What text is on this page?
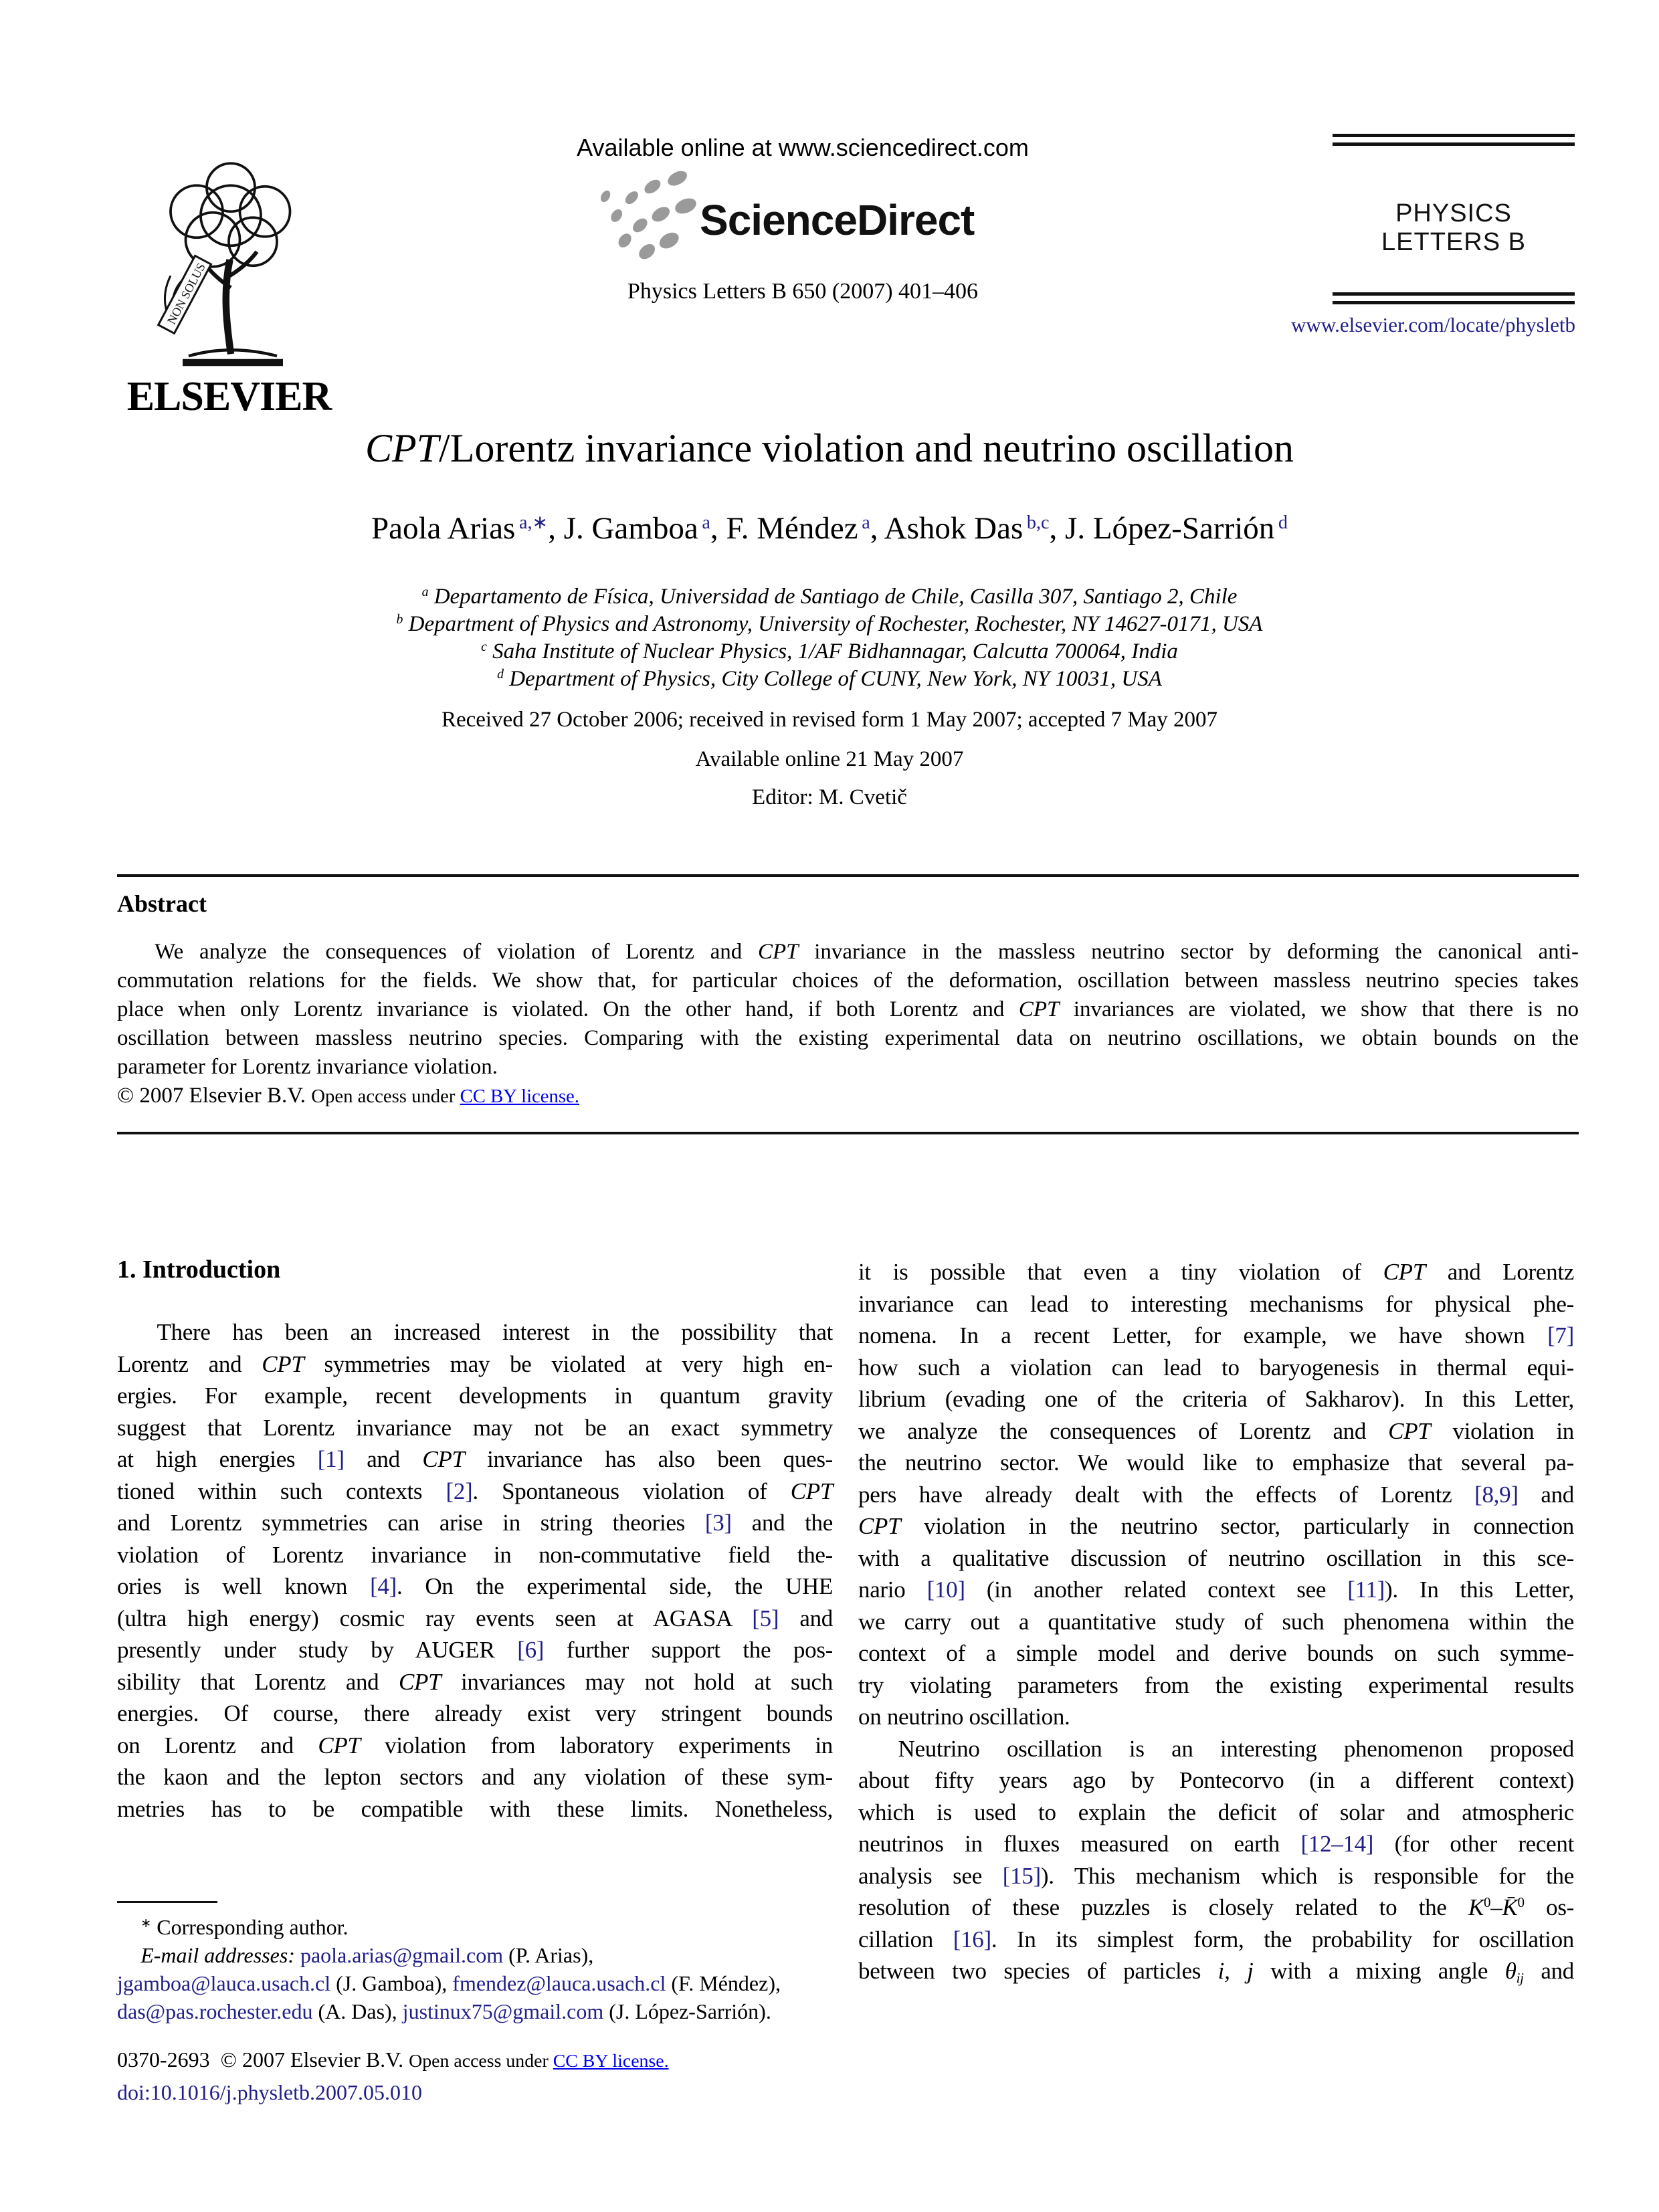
NON SOLUS
ELSEVIER
Available online at www.sciencedirect.com
ScienceDirect
Physics Letters B 650 (2007) 401–406
PHYSICS LETTERS B
www.elsevier.com/locate/physletb
CPT/Lorentz invariance violation and neutrino oscillation
Paola Arias $^{a,∗}$, J. Gamboa $^a$, F. Méndez $^a$, Ashok Das $^{b,c}$, J. López-Sarrión $^d$
$^a$ Departamento de Física, Universidad de Santiago de Chile, Casilla 307, Santiago 2, Chile
$^b$ Department of Physics and Astronomy, University of Rochester, Rochester, NY 14627-0171, USA
$^c$ Saha Institute of Nuclear Physics, 1/AF Bidhannagar, Calcutta 700064, India
$^d$ Department of Physics, City College of CUNY, New York, NY 10031, USA
Received 27 October 2006; received in revised form 1 May 2007; accepted 7 May 2007
Available online 21 May 2007
Editor: M. Cvetič
Abstract
We analyze the consequences of violation of Lorentz and CPT invariance in the massless neutrino sector by deforming the canonical anti-
commutation relations for the fields. We show that, for particular choices of the deformation, oscillation between massless neutrino species takes
place when only Lorentz invariance is violated. On the other hand, if both Lorentz and CPT invariances are violated, we show that there is no
oscillation between massless neutrino species. Comparing with the existing experimental data on neutrino oscillations, we obtain bounds on the
parameter for Lorentz invariance violation.
© 2007 Elsevier B.V. Open access under CC BY license.
1. Introduction
There has been an increased interest in the possibility that
Lorentz and CPT symmetries may be violated at very high en-
ergies. For example, recent developments in quantum gravity
suggest that Lorentz invariance may not be an exact symmetry
at high energies [1] and CPT invariance has also been ques-
tioned within such contexts [2]. Spontaneous violation of CPT
and Lorentz symmetries can arise in string theories [3] and the
violation of Lorentz invariance in non-commutative field the-
ories is well known [4]. On the experimental side, the UHE
(ultra high energy) cosmic ray events seen at AGASA [5] and
presently under study by AUGER [6] further support the pos-
sibility that Lorentz and CPT invariances may not hold at such
energies. Of course, there already exist very stringent bounds
on Lorentz and CPT violation from laboratory experiments in
the kaon and the lepton sectors and any violation of these sym-
metries has to be compatible with these limits. Nonetheless,
it is possible that even a tiny violation of CPT and Lorentz
invariance can lead to interesting mechanisms for physical phe-
nomena. In a recent Letter, for example, we have shown [7]
how such a violation can lead to baryogenesis in thermal equi-
librium (evading one of the criteria of Sakharov). In this Letter,
we analyze the consequences of Lorentz and CPT violation in
the neutrino sector. We would like to emphasize that several pa-
pers have already dealt with the effects of Lorentz [8,9] and
CPT violation in the neutrino sector, particularly in connection
with a qualitative discussion of neutrino oscillation in this sce-
nario [10] (in another related context see [11]). In this Letter,
we carry out a quantitative study of such phenomena within the
context of a simple model and derive bounds on such symme-
try violating parameters from the existing experimental results
on neutrino oscillation.
Neutrino oscillation is an interesting phenomenon proposed
about fifty years ago by Pontecorvo (in a different context)
which is used to explain the deficit of solar and atmospheric
neutrinos in fluxes measured on earth [12–14] (for other recent
analysis see [15]). This mechanism which is responsible for the
resolution of these puzzles is closely related to the $K^0-K̄^0$ os-
cillation [16]. In its simplest form, the probability for oscillation
between two species of particles i, j with a mixing angle $\theta_{ij}$ and
∗ Corresponding author.
E-mail addresses: paola.arias@gmail.com (P. Arias),
jgamboa@lauca.usach.cl (J. Gamboa), fmendez@lauca.usach.cl (F. Méndez),
das@pas.rochester.edu (A. Das), justinux75@gmail.com (J. López-Sarrión).
0370-2693 © 2007 Elsevier B.V. Open access under CC BY license.
doi:10.1016/j.physletb.2007.05.010
